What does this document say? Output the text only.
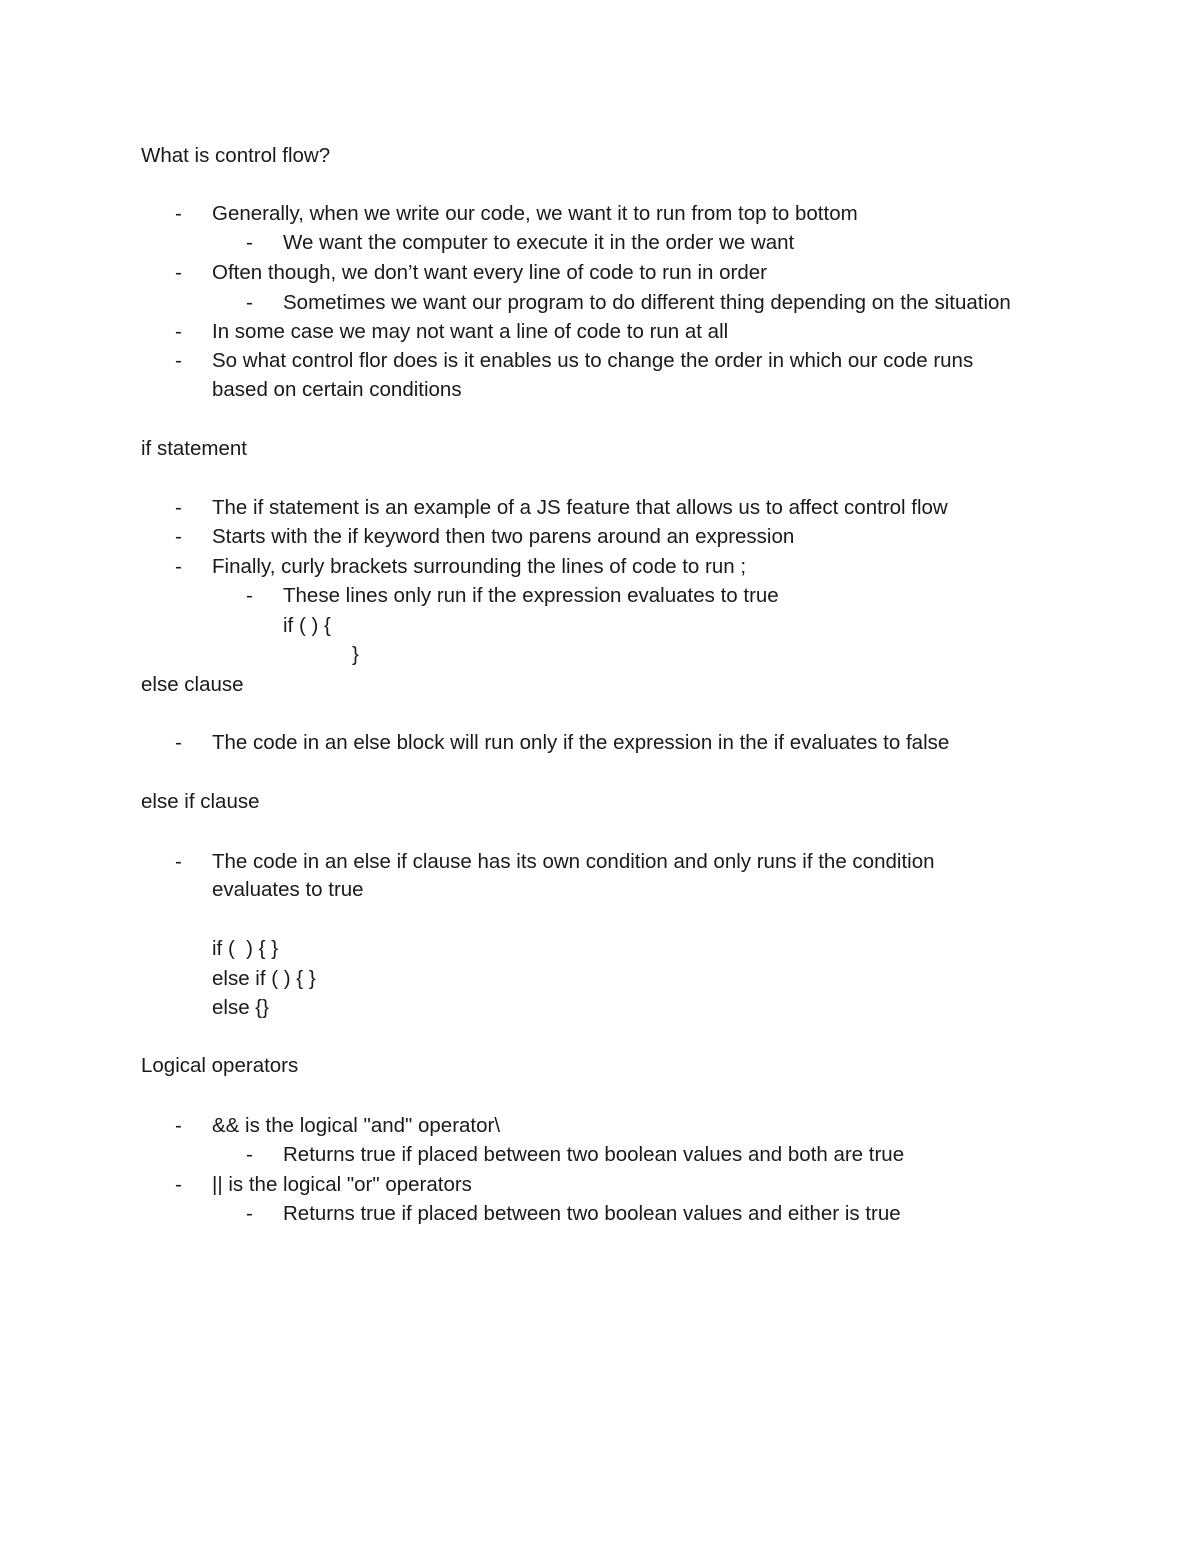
What is control flow?
- Generally, when we write our code, we want it to run from top to bottom
- We want the computer to execute it in the order we want
- Often though, we don’t want every line of code to run in order
- Sometimes we want our program to do different thing depending on the situation
- In some case we may not want a line of code to run at all
- So what control flor does is it enables us to change the order in which our code runs
based on certain conditions
if statement
- The if statement is an example of a JS feature that allows us to affect control flow
- Starts with the if keyword then two parens around an expression
- Finally, curly brackets surrounding the lines of code to run ;
- These lines only run if the expression evaluates to true
if ( ) {
}
else clause
- The code in an else block will run only if the expression in the if evaluates to false
else if clause
- The code in an else if clause has its own condition and only runs if the condition
evaluates to true
if (  ) { }
else if ( ) { }
else {}
Logical operators
- && is the logical "and" operator\
- Returns true if placed between two boolean values and both are true
- || is the logical "or" operators
- Returns true if placed between two boolean values and either is true
